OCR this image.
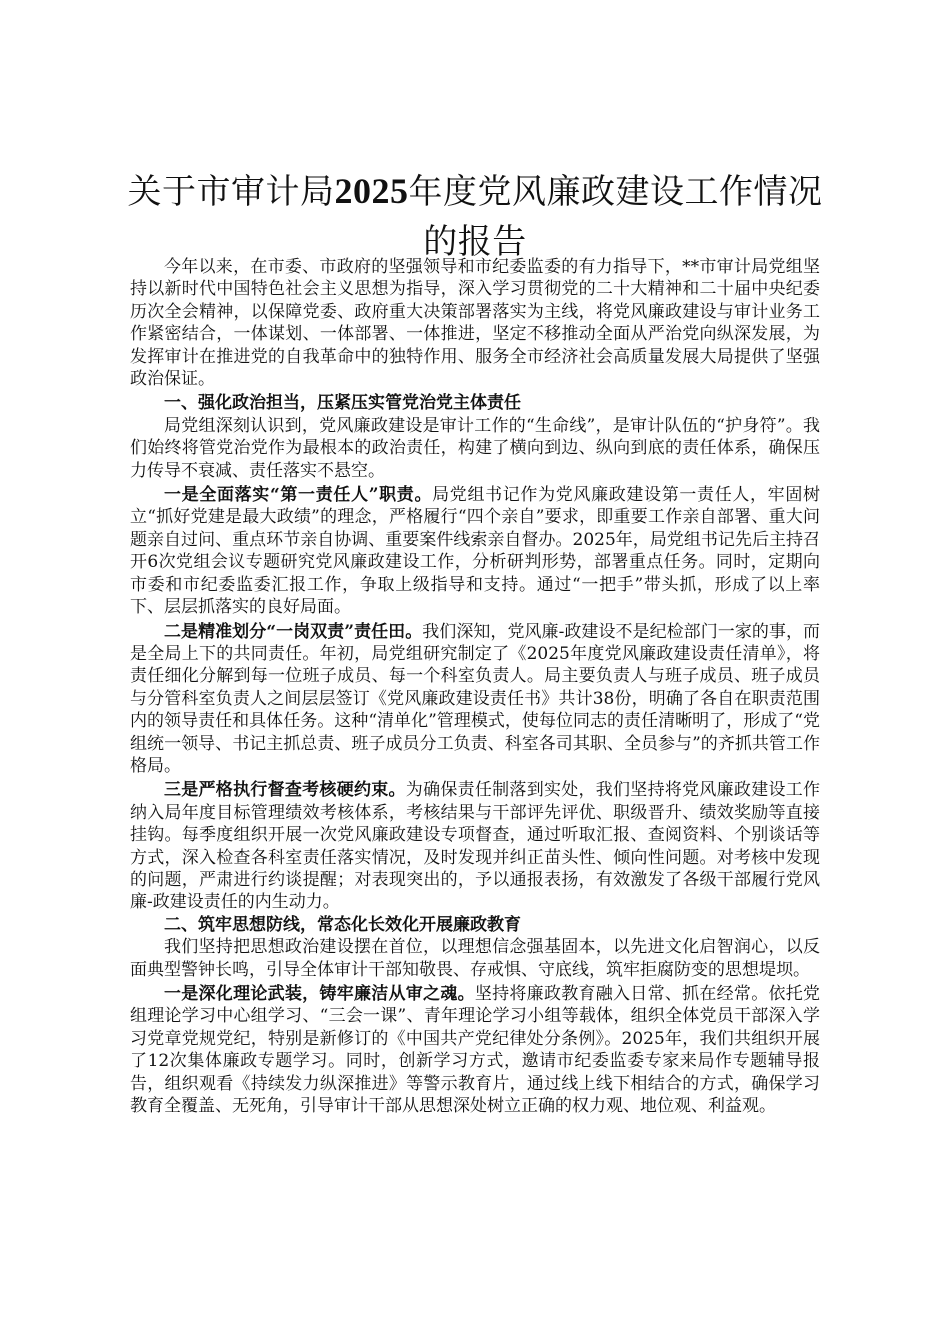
关于市审计局2025年度党风廉政建设工作情况的报告

今年以来，在市委、市政府的坚强领导和市纪委监委的有力指导下，**市审计局党组坚持以新时代中国特色社会主义思想为指导，深入学习贯彻党的二十大精神和二十届中央纪委历次全会精神，以保障党委、政府重大决策部署落实为主线，将党风廉政建设与审计业务工作紧密结合，一体谋划、一体部署、一体推进，坚定不移推动全面从严治党向纵深发展，为发挥审计在推进党的自我革命中的独特作用、服务全市经济社会高质量发展大局提供了坚强政治保证。

一、强化政治担当，压紧压实管党治党主体责任

局党组深刻认识到，党风廉政建设是审计工作的“生命线”，是审计队伍的“护身符”。我们始终将管党治党作为最根本的政治责任，构建了横向到边、纵向到底的责任体系，确保压力传导不衰减、责任落实不悬空。

一是全面落实“第一责任人”职责。局党组书记作为党风廉政建设第一责任人，牢固树立“抓好党建是最大政绩”的理念，严格履行“四个亲自”要求，即重要工作亲自部署、重大问题亲自过问、重点环节亲自协调、重要案件线索亲自督办。2025年，局党组书记先后主持召开6次党组会议专题研究党风廉政建设工作，分析研判形势，部署重点任务。同时，定期向市委和市纪委监委汇报工作，争取上级指导和支持。通过“一把手”带头抓，形成了以上率下、层层抓落实的良好局面。

二是精准划分“一岗双责”责任田。我们深知，党风廉-政建设不是纪检部门一家的事，而是全局上下的共同责任。年初，局党组研究制定了《2025年度党风廉政建设责任清单》，将责任细化分解到每一位班子成员、每一个科室负责人。局主要负责人与班子成员、班子成员与分管科室负责人之间层层签订《党风廉政建设责任书》共计38份，明确了各自在职责范围内的领导责任和具体任务。这种“清单化”管理模式，使每位同志的责任清晰明了，形成了“党组统一领导、书记主抓总责、班子成员分工负责、科室各司其职、全员参与”的齐抓共管工作格局。

三是严格执行督查考核硬约束。为确保责任制落到实处，我们坚持将党风廉政建设工作纳入局年度目标管理绩效考核体系，考核结果与干部评先评优、职级晋升、绩效奖励等直接挂钩。每季度组织开展一次党风廉政建设专项督查，通过听取汇报、查阅资料、个别谈话等方式，深入检查各科室责任落实情况，及时发现并纠正苗头性、倾向性问题。对考核中发现的问题，严肃进行约谈提醒；对表现突出的，予以通报表扬，有效激发了各级干部履行党风廉-政建设责任的内生动力。

二、筑牢思想防线，常态化长效化开展廉政教育

我们坚持把思想政治建设摆在首位，以理想信念强基固本，以先进文化启智润心，以反面典型警钟长鸣，引导全体审计干部知敬畏、存戒惧、守底线，筑牢拒腐防变的思想堤坝。

一是深化理论武装，铸牢廉洁从审之魂。坚持将廉政教育融入日常、抓在经常。依托党组理论学习中心组学习、“三会一课”、青年理论学习小组等载体，组织全体党员干部深入学习党章党规党纪，特别是新修订的《中国共产党纪律处分条例》。2025年，我们共组织开展了12次集体廉政专题学习。同时，创新学习方式，邀请市纪委监委专家来局作专题辅导报告，组织观看《持续发力纵深推进》等警示教育片，通过线上线下相结合的方式，确保学习教育全覆盖、无死角，引导审计干部从思想深处树立正确的权力观、地位观、利益观。
